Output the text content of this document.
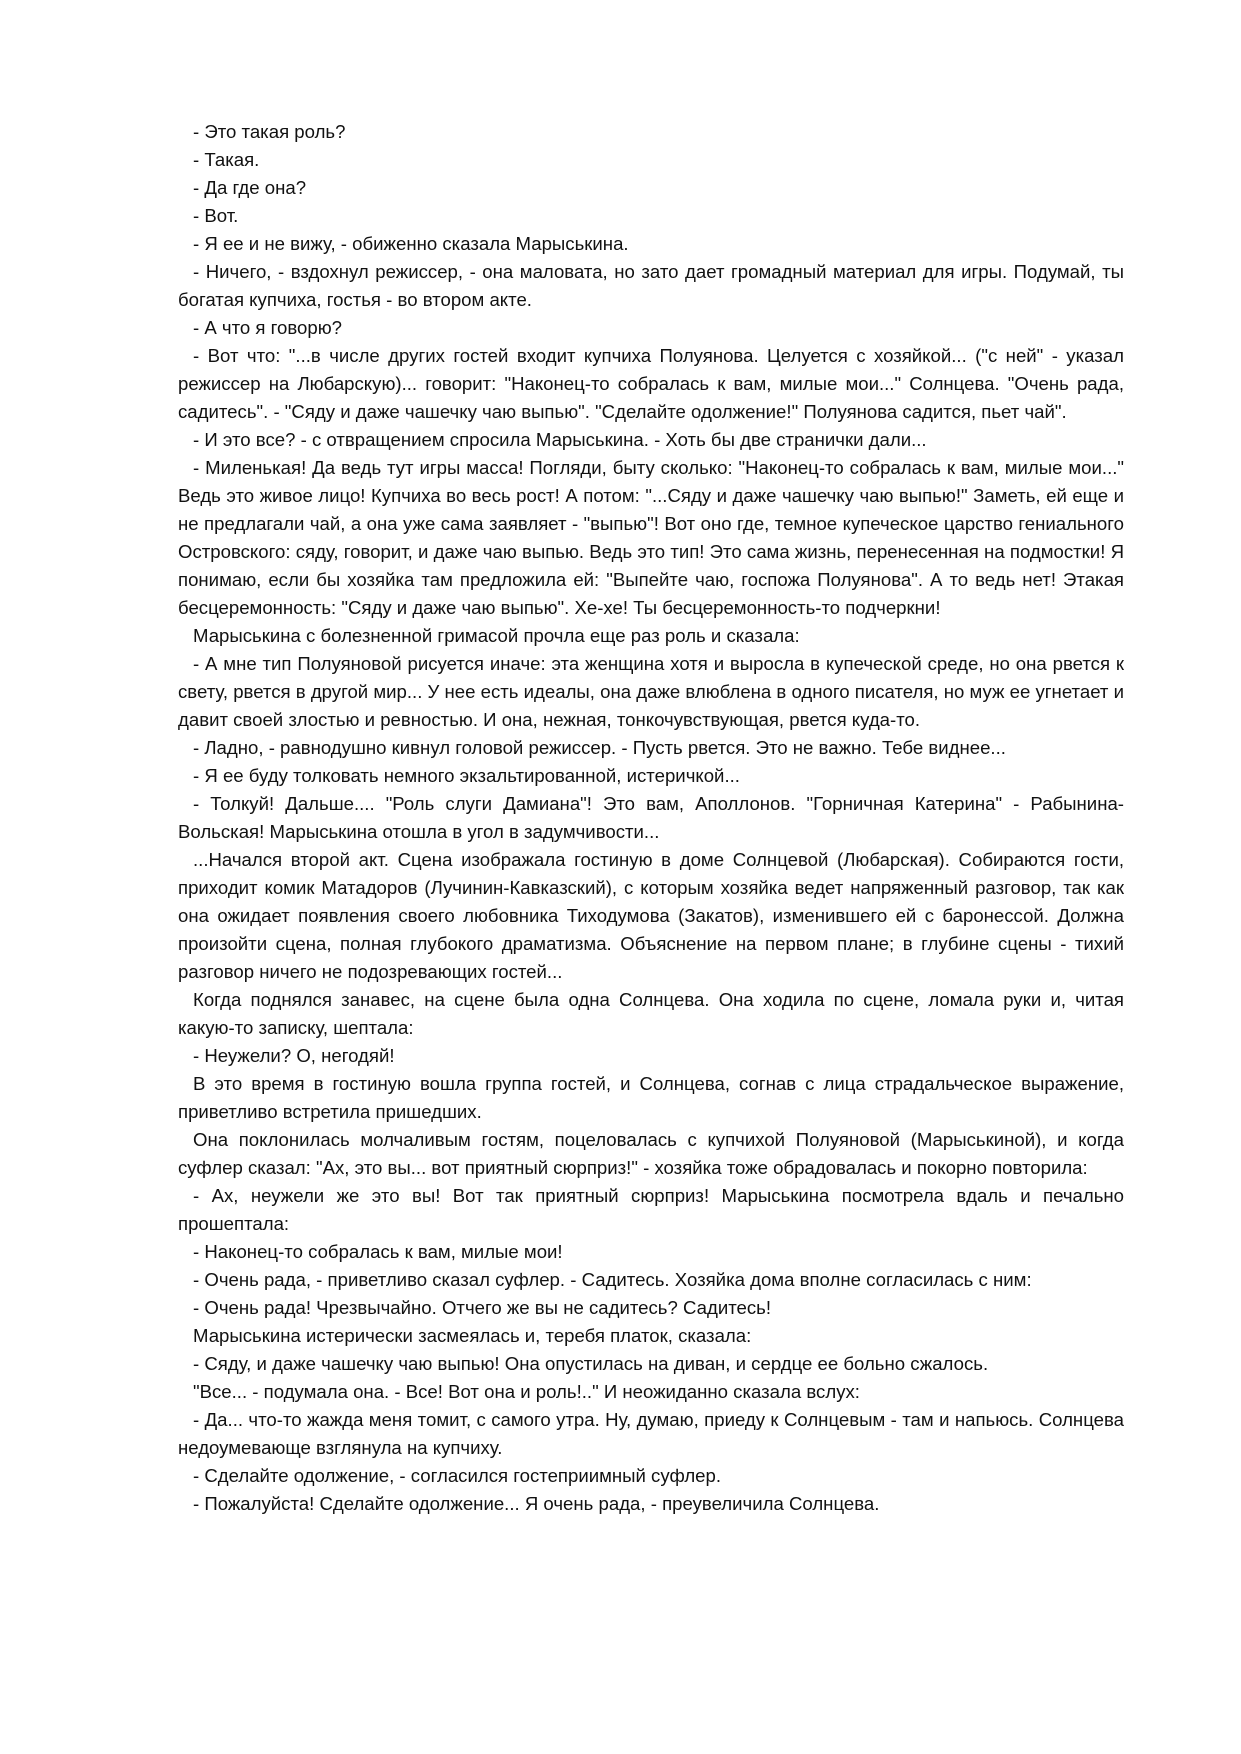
- Это такая роль?

- Такая.

- Да где она?

- Вот.

- Я ее и не вижу, - обиженно сказала Марыськина.

- Ничего, - вздохнул режиссер, - она маловата, но зато дает громадный материал для игры. Подумай, ты богатая купчиха, гостья - во втором акте.

- А что я говорю?

- Вот что: "...в числе других гостей входит купчиха Полуянова. Целуется с хозяйкой... ("с ней" - указал режиссер на Любарскую)... говорит: "Наконец-то собралась к вам, милые мои..." Солнцева. "Очень рада, садитесь". - "Сяду и даже чашечку чаю выпью". "Сделайте одолжение!" Полуянова садится, пьет чай".

- И это все? - с отвращением спросила Марыськина. - Хоть бы две странички дали...

- Миленькая! Да ведь тут игры масса! Погляди, быту сколько: "Наконец-то собралась к вам, милые мои..." Ведь это живое лицо! Купчиха во весь рост! А потом: "...Сяду и даже чашечку чаю выпью!" Заметь, ей еще и не предлагали чай, а она уже сама заявляет - "выпью"! Вот оно где, темное купеческое царство гениального Островского: сяду, говорит, и даже чаю выпью. Ведь это тип! Это сама жизнь, перенесенная на подмостки! Я понимаю, если бы хозяйка там предложила ей: "Выпейте чаю, госпожа Полуянова". А то ведь нет! Этакая бесцеремонность: "Сяду и даже чаю выпью". Хе-хе! Ты бесцеремонность-то подчеркни!

Марыськина с болезненной гримасой прочла еще раз роль и сказала:

- А мне тип Полуяновой рисуется иначе: эта женщина хотя и выросла в купеческой среде, но она рвется к свету, рвется в другой мир... У нее есть идеалы, она даже влюблена в одного писателя, но муж ее угнетает и давит своей злостью и ревностью. И она, нежная, тонкочувствующая, рвется куда-то.

- Ладно, - равнодушно кивнул головой режиссер. - Пусть рвется. Это не важно. Тебе виднее...

- Я ее буду толковать немного экзальтированной, истеричкой...

- Толкуй! Дальше.... "Роль слуги Дамиана"! Это вам, Аполлонов. "Горничная Катерина" - Рабынина-Вольская! Марыськина отошла в угол в задумчивости...

...Начался второй акт. Сцена изображала гостиную в доме Солнцевой (Любарская). Собираются гости, приходит комик Матадоров (Лучинин-Кавказский), с которым хозяйка ведет напряженный разговор, так как она ожидает появления своего любовника Тиходумова (Закатов), изменившего ей с баронессой. Должна произойти сцена, полная глубокого драматизма. Объяснение на первом плане; в глубине сцены - тихий разговор ничего не подозревающих гостей...

Когда поднялся занавес, на сцене была одна Солнцева. Она ходила по сцене, ломала руки и, читая какую-то записку, шептала:

- Неужели? О, негодяй!

В это время в гостиную вошла группа гостей, и Солнцева, согнав с лица страдальческое выражение, приветливо встретила пришедших.

Она поклонилась молчаливым гостям, поцеловалась с купчихой Полуяновой (Марыськиной), и когда суфлер сказал: "Ах, это вы... вот приятный сюрприз!" - хозяйка тоже обрадовалась и покорно повторила:

- Ах, неужели же это вы! Вот так приятный сюрприз! Марыськина посмотрела вдаль и печально прошептала:

- Наконец-то собралась к вам, милые мои!

- Очень рада, - приветливо сказал суфлер. - Садитесь. Хозяйка дома вполне согласилась с ним:

- Очень рада! Чрезвычайно. Отчего же вы не садитесь? Садитесь!

Марыськина истерически засмеялась и, теребя платок, сказала:

- Сяду, и даже чашечку чаю выпью! Она опустилась на диван, и сердце ее больно сжалось.

"Все... - подумала она. - Все! Вот она и роль!.." И неожиданно сказала вслух:

- Да... что-то жажда меня томит, с самого утра. Ну, думаю, приеду к Солнцевым - там и напьюсь. Солнцева недоумевающе взглянула на купчиху.

- Сделайте одолжение, - согласился гостеприимный суфлер.

- Пожалуйста! Сделайте одолжение... Я очень рада, - преувеличила Солнцева.
